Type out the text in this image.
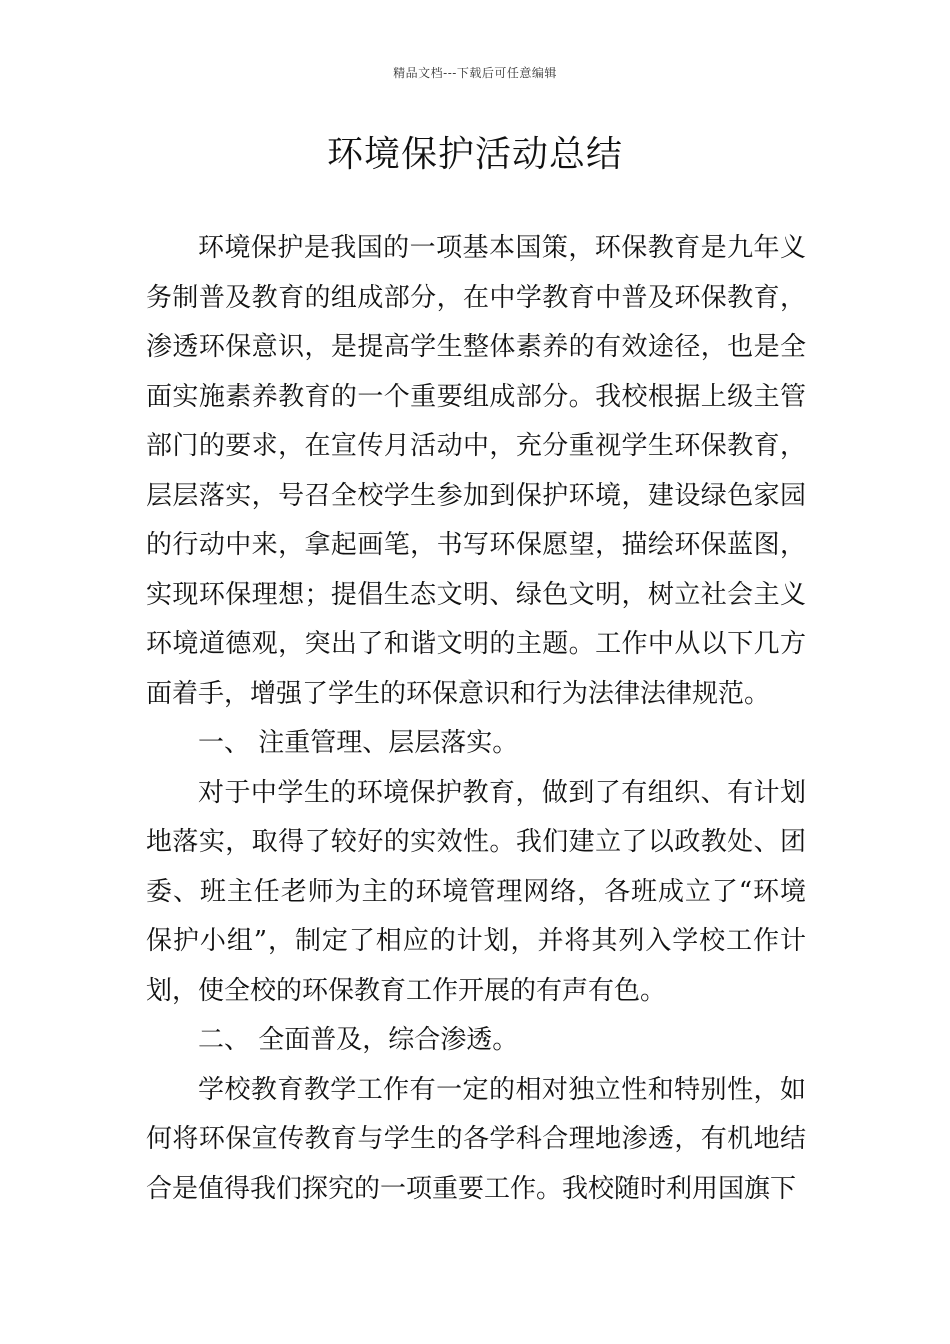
精品文档---下载后可任意编辑
环境保护活动总结

环境保护是我国的一项基本国策，环保教育是九年义务制普及教育的组成部分，在中学教育中普及环保教育，渗透环保意识，是提高学生整体素养的有效途径，也是全面实施素养教育的一个重要组成部分。我校根据上级主管部门的要求，在宣传月活动中，充分重视学生环保教育，层层落实，号召全校学生参加到保护环境，建设绿色家园的行动中来，拿起画笔，书写环保愿望，描绘环保蓝图，实现环保理想；提倡生态文明、绿色文明，树立社会主义环境道德观，突出了和谐文明的主题。工作中从以下几方面着手，增强了学生的环保意识和行为法律法律规范。

一、 注重管理、层层落实。

对于中学生的环境保护教育，做到了有组织、有计划地落实，取得了较好的实效性。我们建立了以政教处、团委、班主任老师为主的环境管理网络，各班成立了“环境保护小组”，制定了相应的计划，并将其列入学校工作计划，使全校的环保教育工作开展的有声有色。

二、 全面普及，综合渗透。

学校教育教学工作有一定的相对独立性和特别性，如何将环保宣传教育与学生的各学科合理地渗透，有机地结合是值得我们探究的一项重要工作。我校随时利用国旗下
